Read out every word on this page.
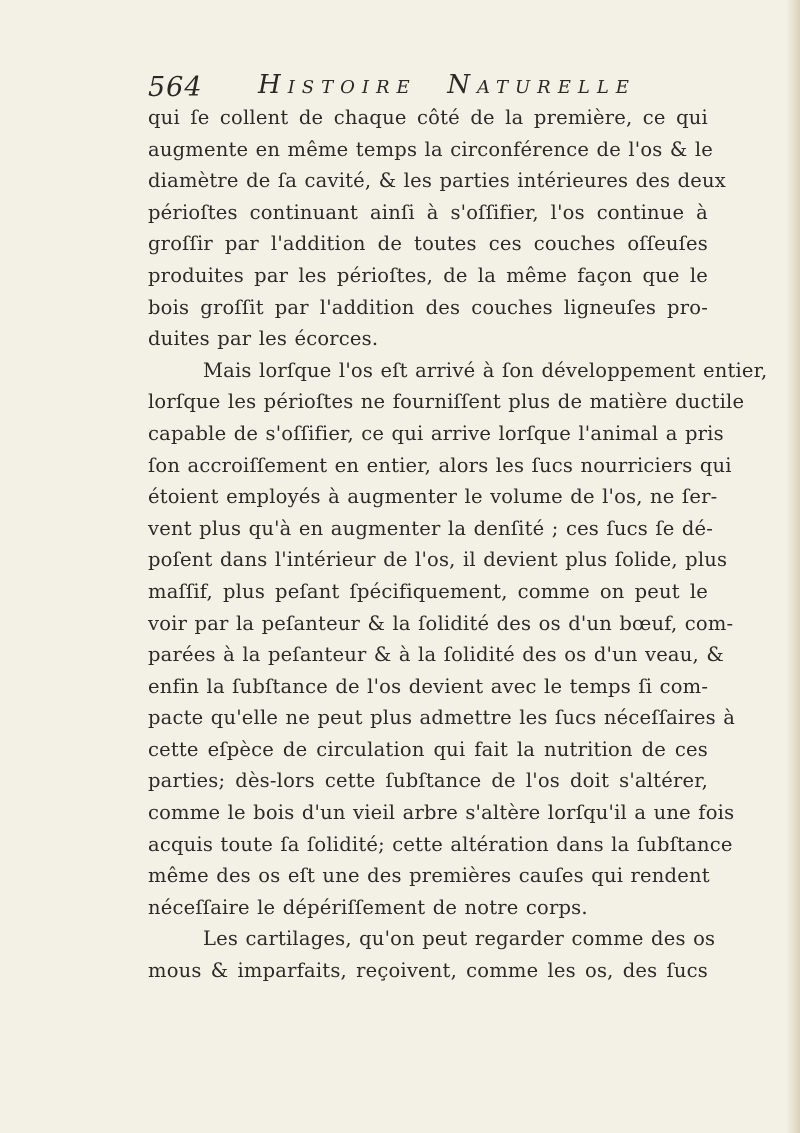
564 HISTOIRE NATURELLE
qui ſe collent de chaque côté de la première, ce qui
augmente en même temps la circonférence de l'os & le
diamètre de ſa cavité, & les parties intérieures des deux
périoſtes continuant ainſi à s'oſſifier, l'os continue à
groſſir par l'addition de toutes ces couches oſſeuſes
produites par les périoſtes, de la même façon que le
bois groſſit par l'addition des couches ligneuſes pro-
duites par les écorces.
Mais lorſque l'os eſt arrivé à ſon développement entier,
lorſque les périoſtes ne fourniſſent plus de matière ductile
capable de s'oſſifier, ce qui arrive lorſque l'animal a pris
ſon accroiſſement en entier, alors les ſucs nourriciers qui
étoient employés à augmenter le volume de l'os, ne ſer-
vent plus qu'à en augmenter la denſité ; ces ſucs ſe dé-
poſent dans l'intérieur de l'os, il devient plus ſolide, plus
maſſif, plus peſant ſpécifiquement, comme on peut le
voir par la peſanteur & la ſolidité des os d'un bœuf, com-
parées à la peſanteur & à la ſolidité des os d'un veau, &
enfin la ſubſtance de l'os devient avec le temps ſi com-
pacte qu'elle ne peut plus admettre les ſucs néceſſaires à
cette eſpèce de circulation qui fait la nutrition de ces
parties; dès-lors cette ſubſtance de l'os doit s'altérer,
comme le bois d'un vieil arbre s'altère lorſqu'il a une fois
acquis toute ſa ſolidité; cette altération dans la ſubſtance
même des os eſt une des premières cauſes qui rendent
néceſſaire le dépériſſement de notre corps.
Les cartilages, qu'on peut regarder comme des os
mous & imparfaits, reçoivent, comme les os, des ſucs
